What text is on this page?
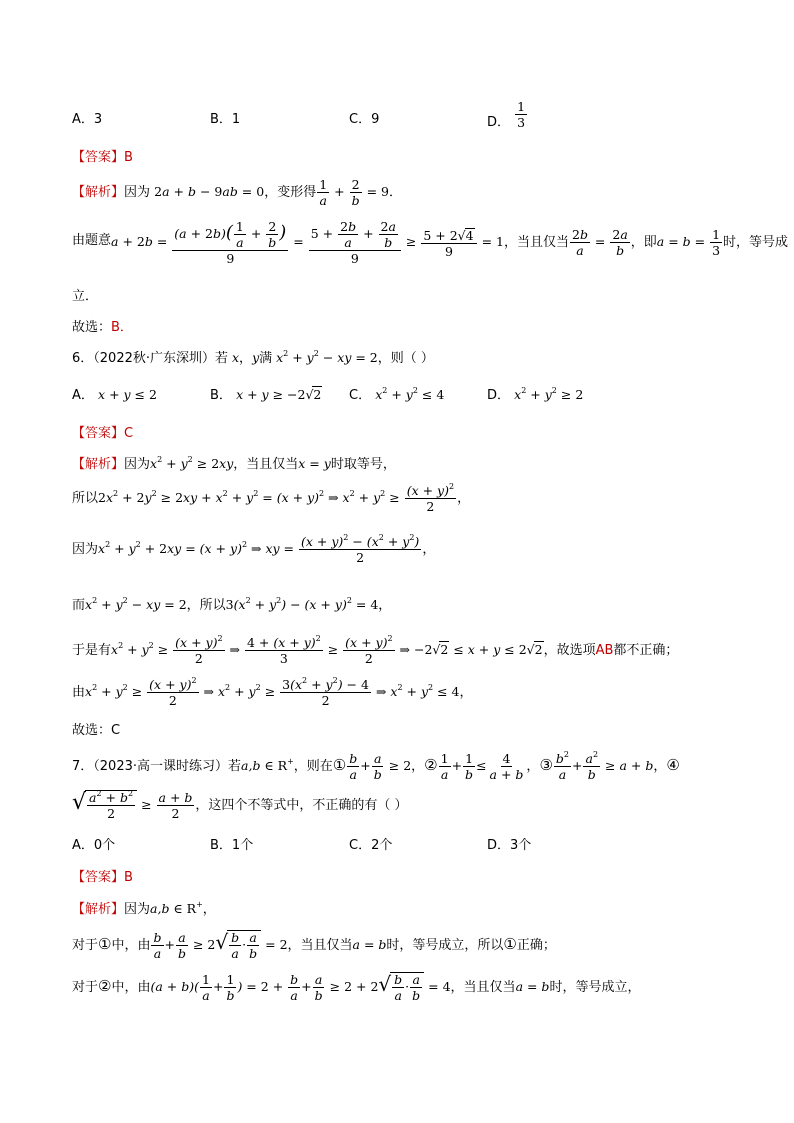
A．3	B．1	C．9	D． $\frac{1}{3}$
【答案】B
【解析】因为 2a + b − 9ab = 0，变形得 $\frac{1}{a} + \frac{2}{b} = 9$．
由题意$a + 2b = \frac{(a + 2b)( \frac{1}{a} + \frac{2}{b} )}{9} = \frac{5 + \frac{2b}{a} + \frac{2a}{b}}{9} \ge \frac{5 + 2√4}{9} = 1$，当且仅当 $\frac{2b}{a} = \frac{2a}{b}$ ，即$a = b = \frac{1}{3}$ 时，等号成
立．
故选：B．
6．（2022秋·广东深圳）若 x，y满 $x^2 + y^2$ − xy = 2，则（ ）
A． x + y ≤ 2	B． x + y ≥ −2√2 C． $x^2 + y^2 \le 4$	D． $x^2 + y^2 \ge 2$
【答案】C
【解析】因为$x^2 + y^2 \ge 2xy$，当且仅当x = y时取等号，
所以$2x^2 + 2y^2 \ge 2xy + x^2 + y^2 = (x + y)^2$ ⇒ $x^2 + y^2 \ge \frac{(x + y)^2}{2}$ ，
因为$x^2 + y^2 + 2xy = (x + y)^2$ ⇒ xy = $\frac{(x + y)^2 - (x^2 + y^2)}{2}$ ，
而$x^2 + y^2$ − xy = 2，所以$3(x^2 + y^2) - (x + y)^2 = 4$，
于是有$x^2 + y^2 \ge \frac{(x + y)^2}{2}$ ⇒ $\frac{4 + (x + y)^2}{3} \ge \frac{(x + y)^2}{2}$ ⇒ −2√2 ≤ x + y ≤ 2√2，故选项AB都不正确；
由$x^2 + y^2 \ge \frac{(x + y)^2}{2}$ ⇒ $x^2 + y^2 \ge \frac{3(x^2 + y^2) - 4}{2}$ ⇒ $x^2 + y^2 \le 4$，
故选：C
7．（2023·高一课时练习）若a,b ∈ R+，则在① $\frac{b}{a} + \frac{a}{b} \ge 2$，② $\frac{1}{a} + \frac{1}{b} \le \frac{4}{a + b}$ ，③ $\frac{b^2}{a} + \frac{a^2}{b} \ge a + b$，④
√ $\frac{a^2 + b^2}{2} \ge \frac{a + b}{2}$ ，这四个不等式中，不正确的有（ ）
A．0个	B．1个	C．2个	D．3个
【答案】B
【解析】因为a,b ∈ R+，
对于①中，由 $\frac{b}{a} + \frac{a}{b} \ge 2√ \frac{b}{a} \cdot \frac{a}{b} = 2$，当且仅当a = b时，等号成立，所以①正确；
对于②中，由$(a + b)( \frac{1}{a} + \frac{1}{b}$ ) = $2 + \frac{b}{a} + \frac{a}{b} \ge 2 + 2√ \frac{b}{a} \cdot \frac{a}{b} = 4$，当且仅当a = b时，等号成立，
